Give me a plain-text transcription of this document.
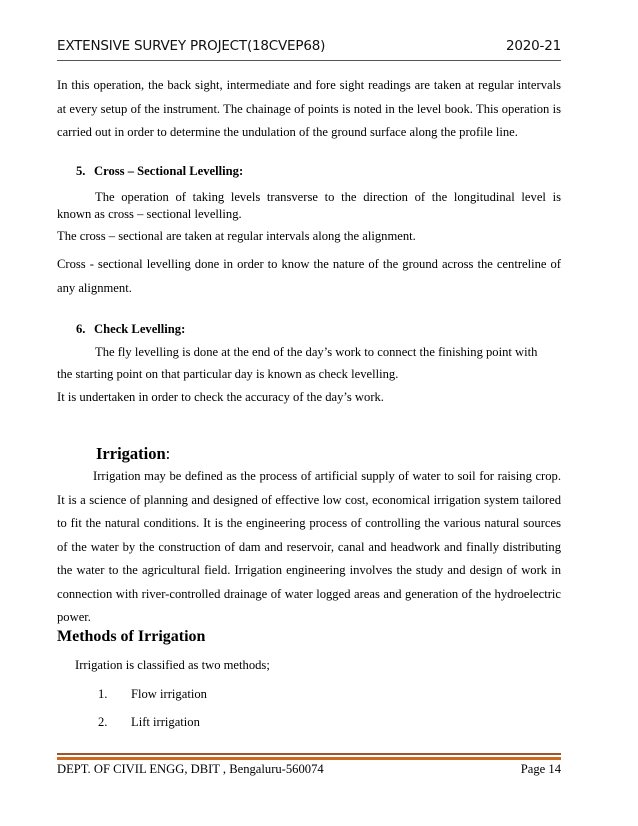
EXTENSIVE SURVEY PROJECT(18CVEP68)	2020-21

In this operation, the back sight, intermediate and fore sight readings are taken at regular intervals at every setup of the instrument. The chainage of points is noted in the level book. This operation is carried out in order to determine the undulation of the ground surface along the profile line.

5. Cross – Sectional Levelling:

The operation of taking levels transverse to the direction of the longitudinal level is

known as cross – sectional levelling.

The cross – sectional are taken at regular intervals along the alignment.

Cross - sectional levelling done in order to know the nature of the ground across the centreline of any alignment.

6. Check Levelling:

The fly levelling is done at the end of the day’s work to connect the finishing point with

the starting point on that particular day is known as check levelling.

It is undertaken in order to check the accuracy of the day’s work.

Irrigation:

Irrigation may be defined as the process of artificial supply of water to soil for raising crop. It is a science of planning and designed of effective low cost, economical irrigation system tailored to fit the natural conditions. It is the engineering process of controlling the various natural sources of the water by the construction of dam and reservoir, canal and headwork and finally distributing the water to the agricultural field. Irrigation engineering involves the study and design of work in connection with river-controlled drainage of water logged areas and generation of the hydroelectric power.

Methods of Irrigation

Irrigation is classified as two methods;

1. Flow irrigation
2. Lift irrigation
DEPT. OF CIVIL ENGG, DBIT , Bengaluru-560074	Page 14
